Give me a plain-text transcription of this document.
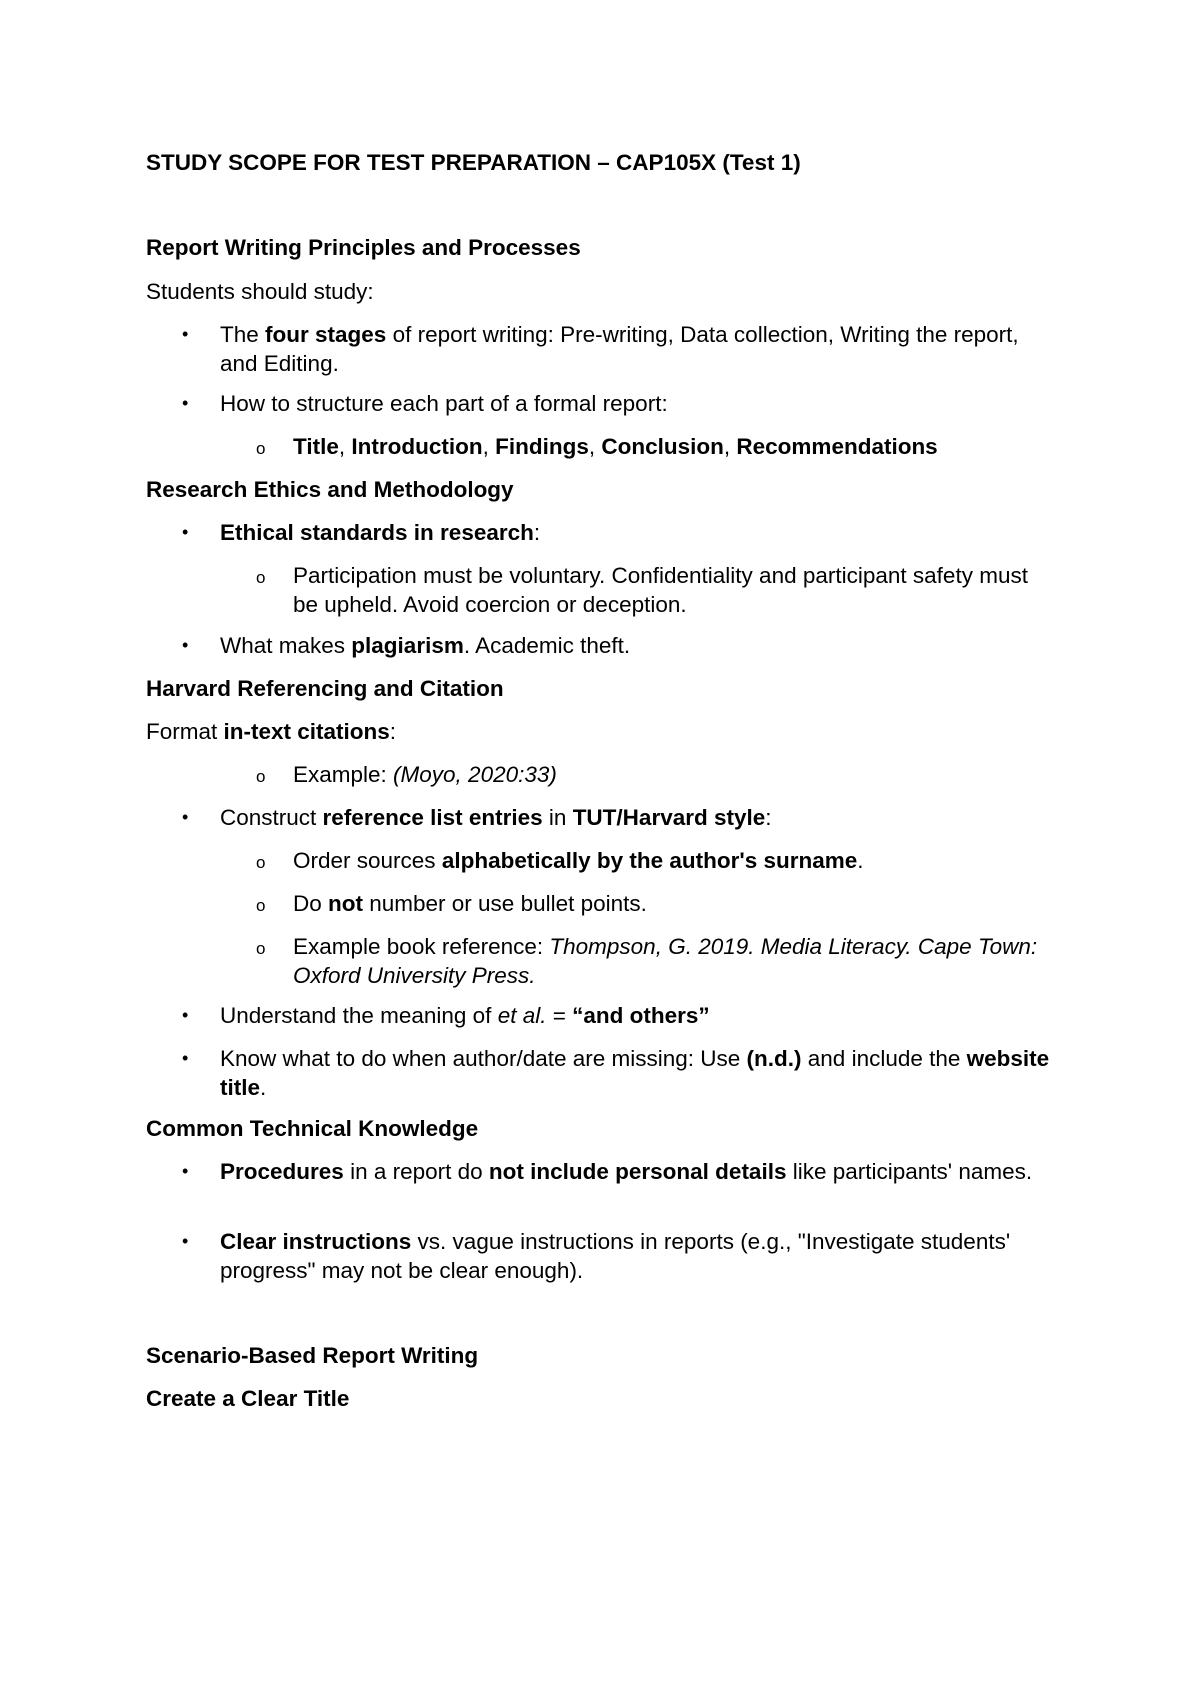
STUDY SCOPE FOR TEST PREPARATION – CAP105X (Test 1)

Report Writing Principles and Processes

Students should study:

• The four stages of report writing: Pre-writing, Data collection, Writing the report, and Editing.
• How to structure each part of a formal report:
o Title, Introduction, Findings, Conclusion, Recommendations

Research Ethics and Methodology

• Ethical standards in research:
o Participation must be voluntary. Confidentiality and participant safety must be upheld. Avoid coercion or deception.
• What makes plagiarism. Academic theft.

Harvard Referencing and Citation

Format in-text citations:

o Example: (Moyo, 2020:33)
• Construct reference list entries in TUT/Harvard style:
o Order sources alphabetically by the author's surname.
o Do not number or use bullet points.
o Example book reference: Thompson, G. 2019. Media Literacy. Cape Town: Oxford University Press.
• Understand the meaning of et al. = “and others”
• Know what to do when author/date are missing: Use (n.d.) and include the website title.

Common Technical Knowledge

• Procedures in a report do not include personal details like participants' names.
• Clear instructions vs. vague instructions in reports (e.g., "Investigate students' progress" may not be clear enough).

Scenario-Based Report Writing

Create a Clear Title
